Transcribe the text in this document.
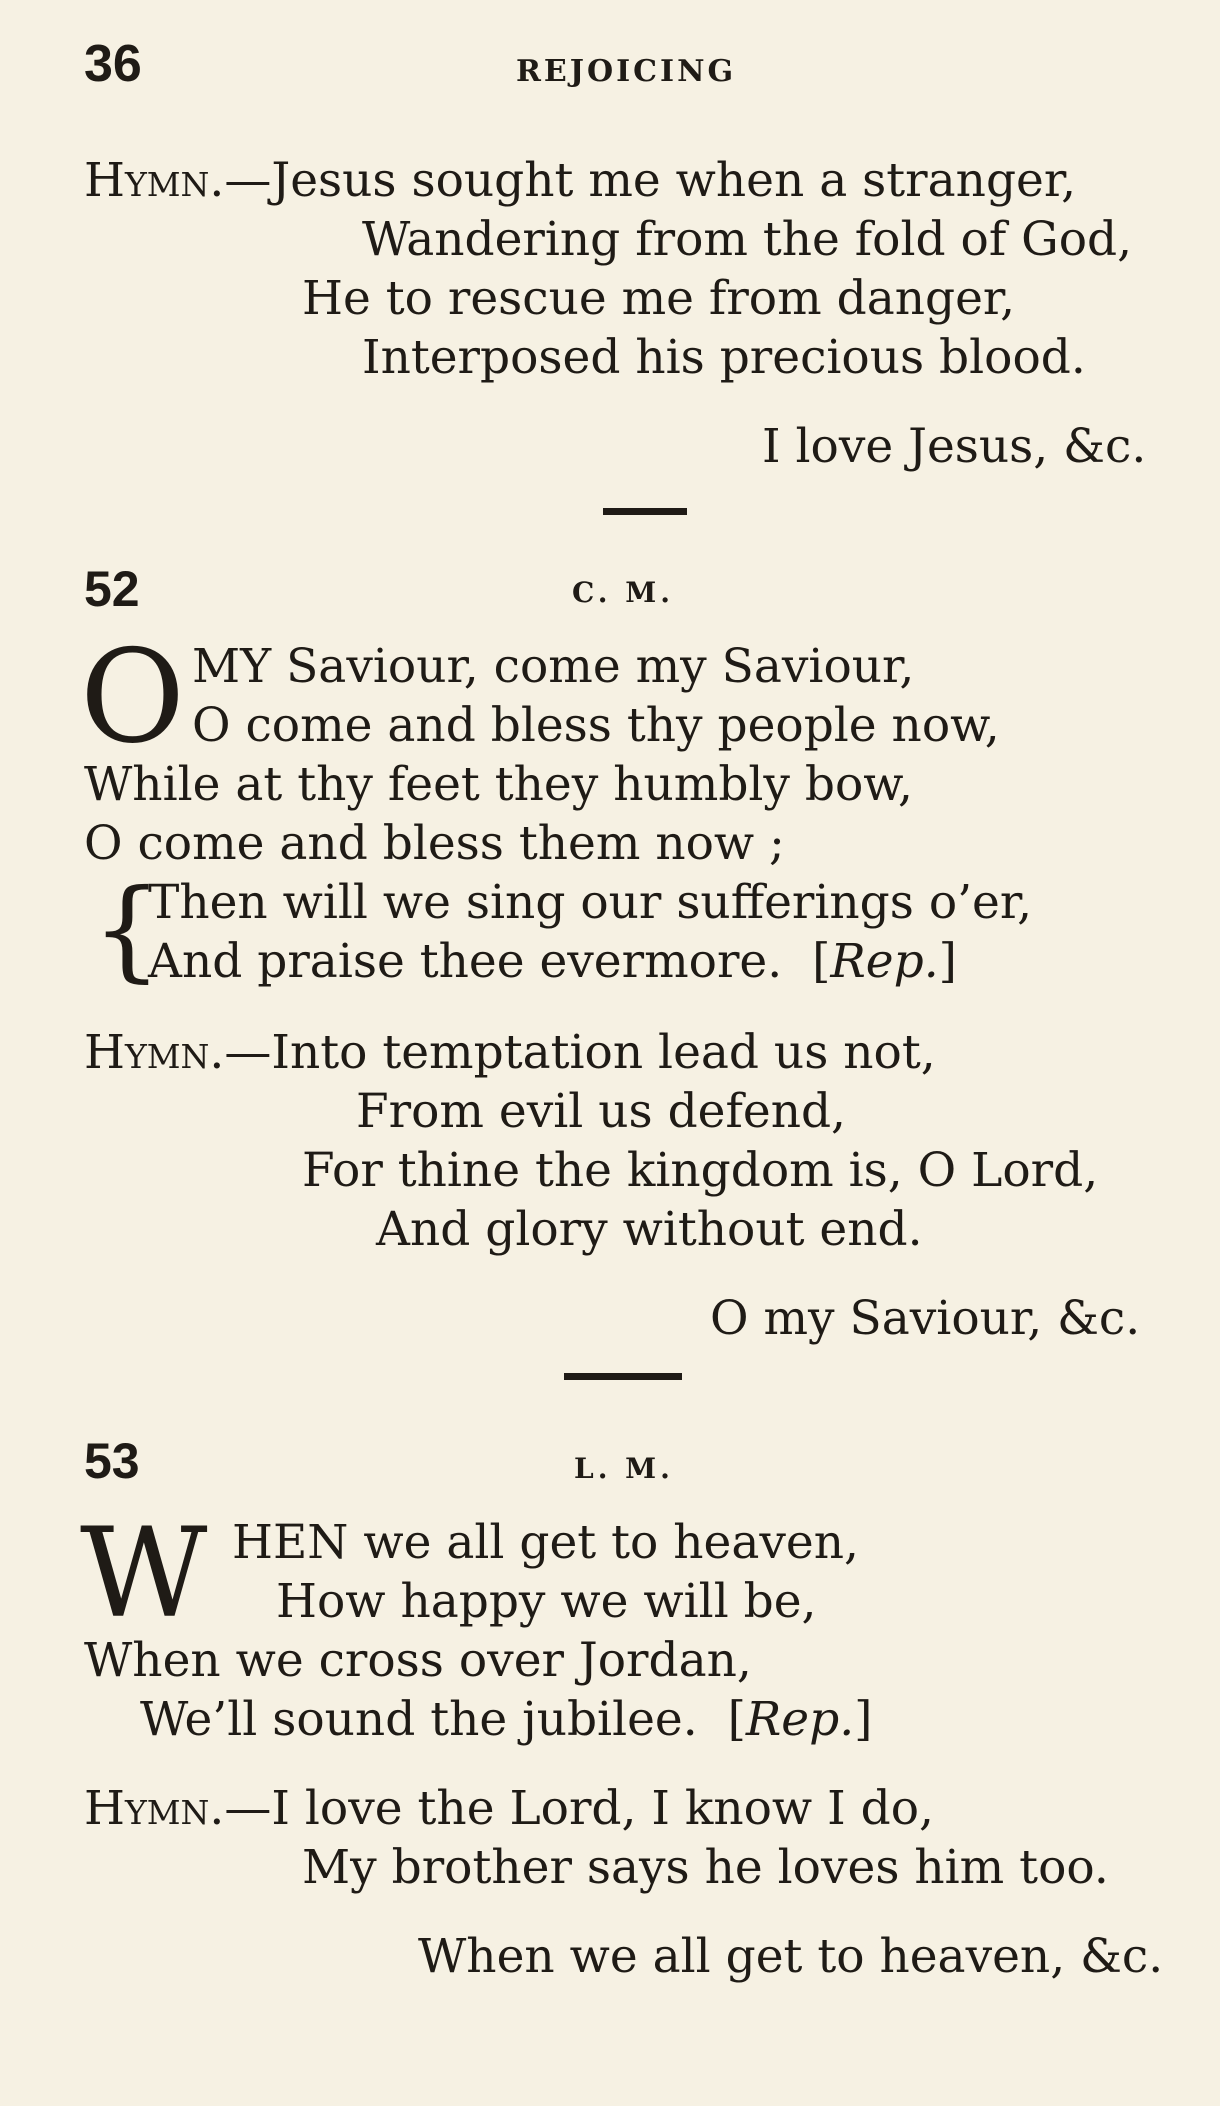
36	REJOICING
Hymn.—Jesus sought me when a stranger,
Wandering from the fold of God,
He to rescue me from danger,
Interposed his precious blood.
I love Jesus, &c.
52	C. M.
O MY Saviour, come my Saviour,
O come and bless thy people now,
While at thy feet they humbly bow,
O come and bless them now ;
{
Then will we sing our sufferings o’er,
And praise thee evermore.  [Rep.]
Hymn.—Into temptation lead us not,
From evil us defend,
For thine the kingdom is, O Lord,
And glory without end.
O my Saviour, &c.
53	L. M.
W HEN we all get to heaven,
How happy we will be,
When we cross over Jordan,
We’ll sound the jubilee.  [Rep.]
Hymn.—I love the Lord, I know I do,
My brother says he loves him too.
When we all get to heaven, &c.
